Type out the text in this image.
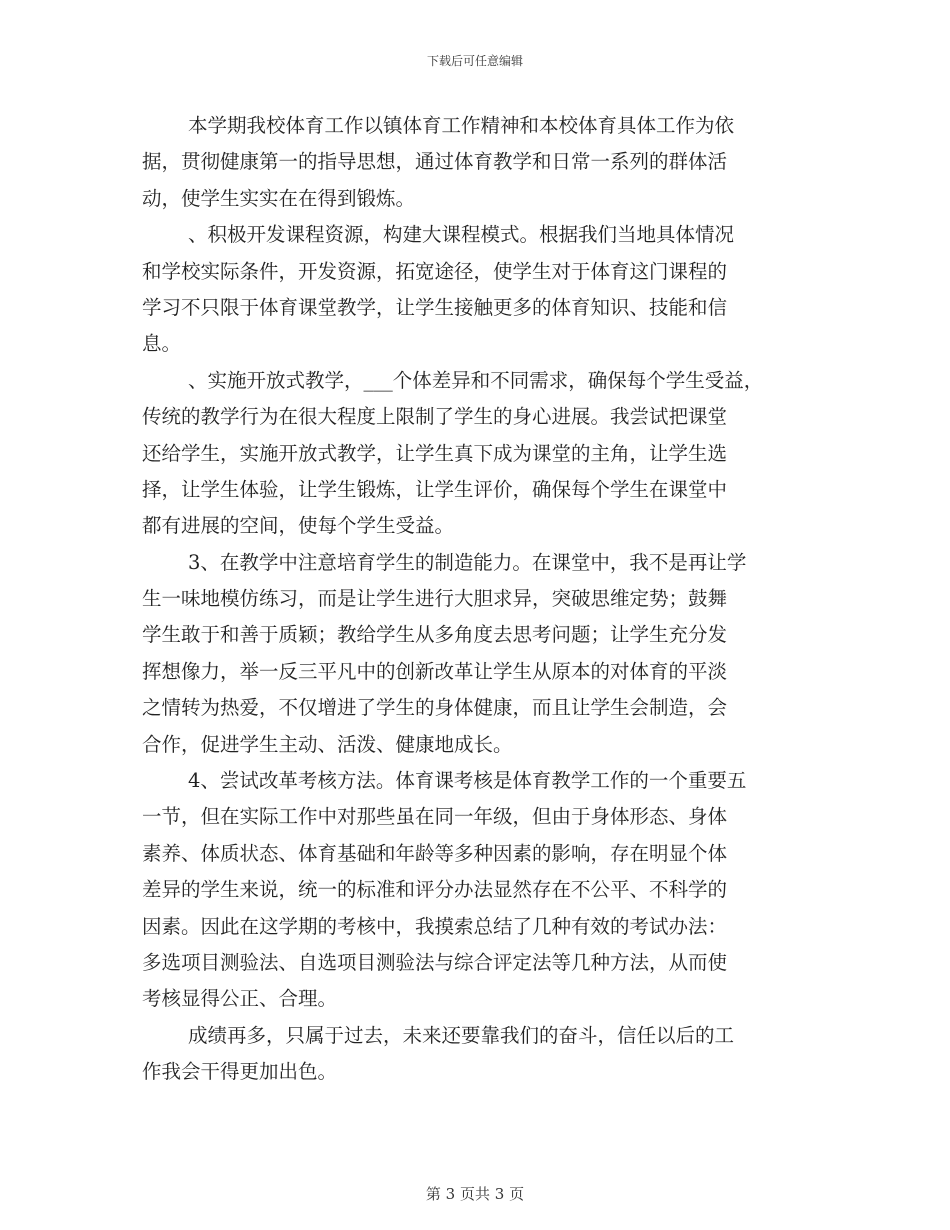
下载后可任意编辑

本学期我校体育工作以镇体育工作精神和本校体育具体工作为依
据，贯彻健康第一的指导思想，通过体育教学和日常一系列的群体活
动，使学生实实在在得到锻炼。

、积极开发课程资源，构建大课程模式。根据我们当地具体情况
和学校实际条件，开发资源，拓宽途径，使学生对于体育这门课程的
学习不只限于体育课堂教学，让学生接触更多的体育知识、技能和信
息。

、实施开放式教学，___个体差异和不同需求，确保每个学生受益，
传统的教学行为在很大程度上限制了学生的身心进展。我尝试把课堂
还给学生，实施开放式教学，让学生真下成为课堂的主角，让学生选
择，让学生体验，让学生锻炼，让学生评价，确保每个学生在课堂中
都有进展的空间，使每个学生受益。

3、在教学中注意培育学生的制造能力。在课堂中，我不是再让学
生一味地模仿练习，而是让学生进行大胆求异，突破思维定势；鼓舞
学生敢于和善于质颖；教给学生从多角度去思考问题；让学生充分发
挥想像力，举一反三平凡中的创新改革让学生从原本的对体育的平淡
之情转为热爱，不仅增进了学生的身体健康，而且让学生会制造，会
合作，促进学生主动、活泼、健康地成长。

4、尝试改革考核方法。体育课考核是体育教学工作的一个重要五
一节，但在实际工作中对那些虽在同一年级，但由于身体形态、身体
素养、体质状态、体育基础和年龄等多种因素的影响，存在明显个体
差异的学生来说，统一的标准和评分办法显然存在不公平、不科学的
因素。因此在这学期的考核中，我摸索总结了几种有效的考试办法：
多选项目测验法、自选项目测验法与综合评定法等几种方法，从而使
考核显得公正、合理。

成绩再多，只属于过去，未来还要靠我们的奋斗，信任以后的工
作我会干得更加出色。

第 3 页共 3 页
